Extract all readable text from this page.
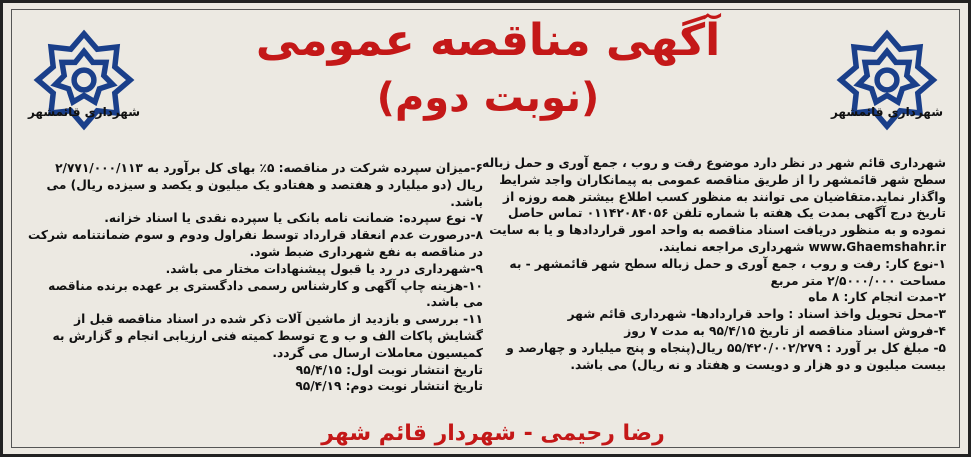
شهرداری قائمشهر	شهرداری قائمشهر
آگهی مناقصه عمومی
(نوبت دوم)

شهرداری قائم شهر در نظر دارد موضوع رفت و روب ، جمع آوری و حمل زباله سطح شهر قائمشهر را از طریق مناقصه عمومی به پیمانکاران واجد شرایط واگذار نماید.متقاضیان می توانند به منظور کسب اطلاع بیشتر همه روزه از تاریخ درج آگهی بمدت یک هفته با شماره تلفن ۰۱۱۴۲۰۸۴۰۵۶ تماس حاصل نموده و به منظور دریافت اسناد مناقصه به واحد امور قراردادها و یا به سایت www.Ghaemshahr.ir شهرداری مراجعه نمایند.

۱-نوع کار: رفت و روب ، جمع آوری و حمل زباله سطح شهر قائمشهر - به مساحت ۲/۵۰۰۰/۰۰۰ متر مربع

۲-مدت انجام کار: ۸ ماه

۳-محل تحویل واخذ اسناد : واحد قراردادها- شهرداری قائم شهر

۴-فروش اسناد مناقصه از تاریخ ۹۵/۴/۱۵ به مدت ۷ روز

۵- مبلغ کل بر آورد : ۵۵/۴۲۰/۰۰۲/۲۷۹ ریال(پنجاه و پنج میلیارد و چهارصد و بیست میلیون و دو هزار و دویست و هفتاد و نه ریال) می باشد.

۶-میزان سپرده شرکت در مناقصه: ۵٪ بهای کل برآورد به ۲/۷۷۱/۰۰۰/۱۱۳ ریال (دو میلیارد و هفتصد و هفتادو یک میلیون و یکصد و سیزده ریال) می باشد.

۷- نوع سپرده: ضمانت نامه بانکی یا سپرده نقدی یا اسناد خزانه.

۸-درصورت عدم انعقاد قرارداد توسط نفراول ودوم و سوم ضمانتنامه شرکت در مناقصه به نفع شهرداری ضبط شود.

۹-شهرداری در رد یا قبول پیشنهادات مختار می باشد.

۱۰-هزینه چاپ آگهی و کارشناس رسمی دادگستری بر عهده برنده مناقصه می باشد.

۱۱- بررسی و بازدید از ماشین آلات ذکر شده در اسناد مناقصه قبل از گشایش پاکات الف و ب و ج توسط کمیته فنی ارزیابی انجام و گزارش به کمیسیون معاملات ارسال می گردد.

تاریخ انتشار نوبت اول: ۹۵/۴/۱۵

تاریخ انتشار نوبت دوم: ۹۵/۴/۱۹

رضا رحیمی - شهردار قائم شهر
